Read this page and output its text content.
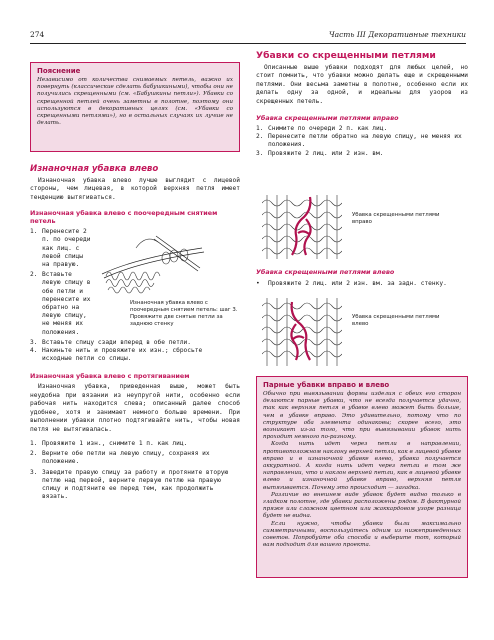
274	Часть III Декоративные техники
Пояснение

Независимо от количества снимаемых петель, важно их повернуть (классические сделать бабушкиными), чтобы они не получились скрещенными (см. «Бабушкины петли»). Убавки со скрещенной петлей очень заметны в полотне, поэтому они используются в декоративных целях (см. «Убавки со скрещенными петлями»), но в остальных случаях их лучше не делать.

Изнаночная убавка влево

Изнаночная убавка влево лучше выглядит с лицевой стороны, чем лицевая, в которой верхняя петля имеет тенденцию вытягиваться.

Изнаночная убавка влево с поочередным снятием петель
1. Перенесите 2 п. по очереди как лиц. с левой спицы на правую.
2. Вставьте левую спицу в обе петли и перенесите их обратно на левую спицу, не меняя их положения.
3. Вставьте спицу сзади вперед в обе петли.
4. Накиньте нить и провяжите их изн.; сбросьте исходные петли со спицы.
Изнаночная убавка влево с протягиванием

Изнаночная убавка, приведенная выше, может быть неудобна при вязании из неупругой нити, особенно если рабочая нить находится слева; описанный далее способ удобнее, хотя и занимает немного больше времени. При выполнении убавки плотно подтягивайте нить, чтобы новая петля не вытягивалась.

1. Провяжите 1 изн., снимите 1 п. как лиц.
2. Верните обе петли на левую спицу, сохраняя их положение.
3. Заведите правую спицу за работу и протяните вторую петлю над первой, верните первую петлю на правую спицу и подтяните ее перед тем, как продолжить вязать.
Изнаночная убавка влево с поочередным снятием петель: шаг 3. Провяжите две снятые петли за заднюю стенку
Убавки со скрещенными петлями

Описанные выше убавки подходят для любых целей, но стоит помнить, что убавки можно делать еще и скрещенными петлями. Они весьма заметны в полотне, особенно если их делать одну за одной, и идеальны для узоров из скрещенных петель.

Убавка скрещенными петлями вправо
1. Снимите по очереди 2 п. как лиц.
2. Перенесите петли обратно на левую спицу, не меняя их положения.
3. Провяжите 2 лиц. или 2 изн. вм.
Убавка скрещенными петлями вправо
Убавка скрещенными петлями влево
• Провяжите 2 лиц. или 2 изн. вм. за задн. стенку.
Убавка скрещенными петлями влево
Парные убавки вправо и влево

Обычно при вывязывании формы изделия с обеих его сторон делаются парные убавки, что не всегда получается удачно, так как верхняя петля в убавке влево может быть больше, чем в убавке вправо. Это удивительно, потому что по структуре оба элемента одинаковы; скорее всего, это возникает из-за того, что при вывязывании убавок нить проходит немного по-разному.

Когда нить идет через петли в направлении, противоположном наклону верхней петли, как в лицевой убавке вправо и в изнаночной убавке влево, убавка получается аккуратной. А когда нить идет через петли в том же направлении, что и наклон верхней петли, как в лицевой убавке влево и изнаночной убавке вправо, верхняя петля вытягивается. Почему это происходит — загадка.

Различие во внешнем виде убавок будет видно только в гладком полотне, где убавки расположены рядом. В фактурной пряже или сложном цветном или жаккардовом узоре разница будет не видна.

Если нужно, чтобы убавки были максимально симметричными, воспользуйтесь одним из нижеприведенных советов. Попробуйте оба способа и выберите тот, который вам подходит для вашего проекта.
